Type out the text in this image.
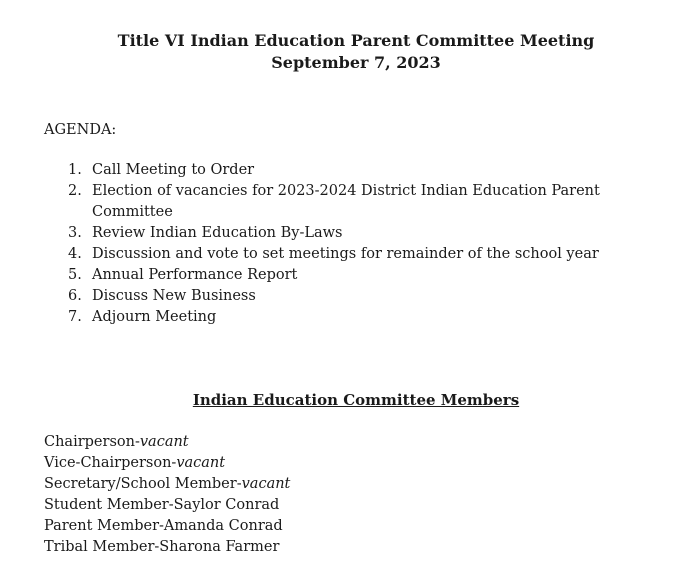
Title VI Indian Education Parent Committee Meeting
September 7, 2023
AGENDA:
1. Call Meeting to Order
2. Election of vacancies for 2023-2024 District Indian Education Parent Committee
3. Review Indian Education By-Laws
4. Discussion and vote to set meetings for remainder of the school year
5. Annual Performance Report
6. Discuss New Business
7. Adjourn Meeting
Indian Education Committee Members
Chairperson-vacant
Vice-Chairperson-vacant
Secretary/School Member-vacant
Student Member-Saylor Conrad
Parent Member-Amanda Conrad
Tribal Member-Sharona Farmer
